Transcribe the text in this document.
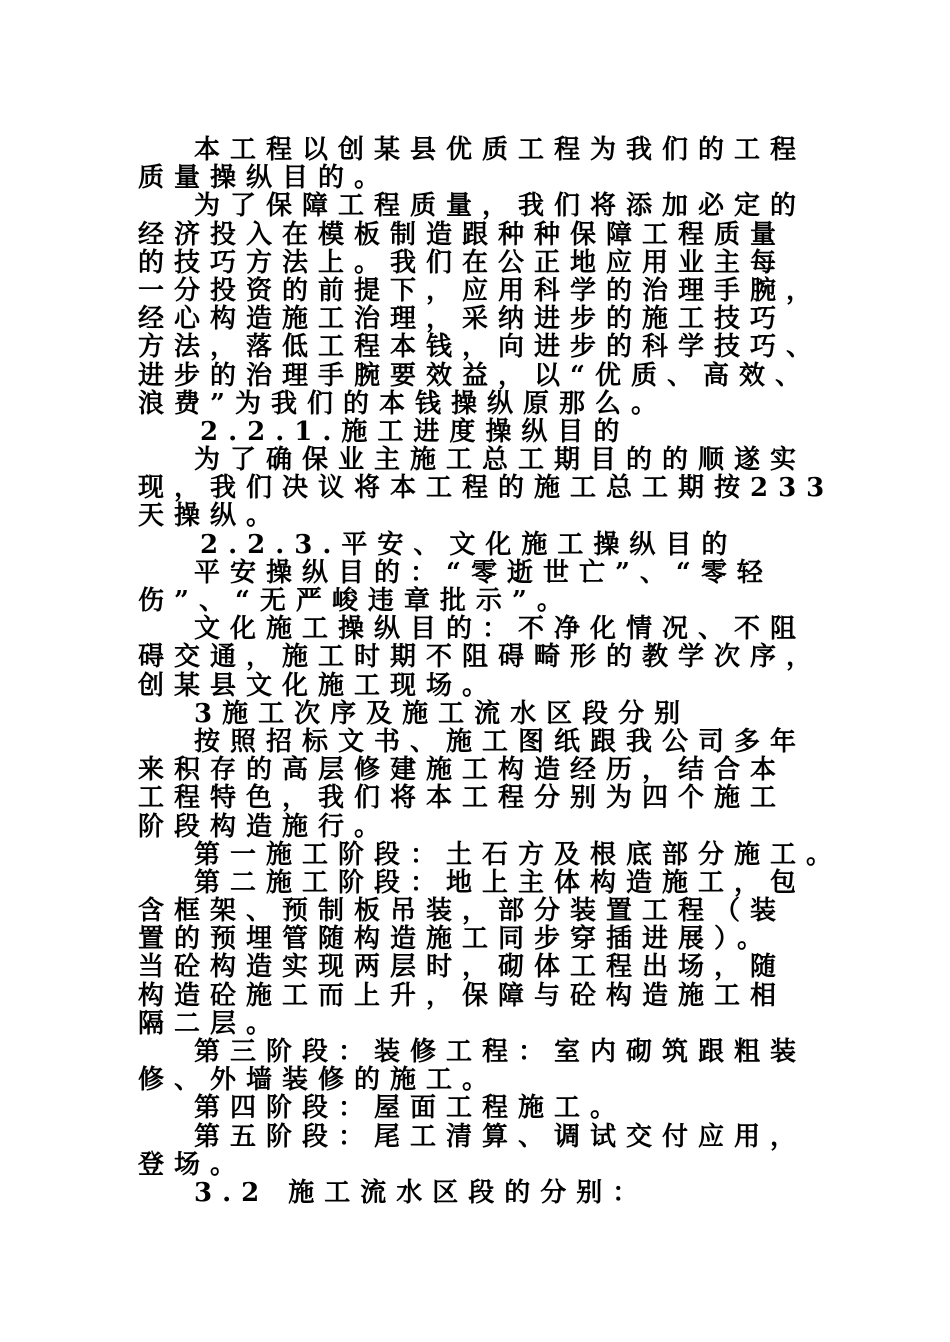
本工程以创某县优质工程为我们的工程
质量操纵目的。
为了保障工程质量，我们将添加必定的
经济投入在模板制造跟种种保障工程质量
的技巧方法上。我们在公正地应用业主每
一分投资的前提下，应用科学的治理手腕，
经心构造施工治理，采纳进步的施工技巧
方法，落低工程本钱，向进步的科学技巧、
进步的治理手腕要效益，以“优质、高效、
浪费”为我们的本钱操纵原那么。
2.2.1.施工进度操纵目的
为了确保业主施工总工期目的的顺遂实
现，我们决议将本工程的施工总工期按233
天操纵。
2.2.3.平安、文化施工操纵目的
平安操纵目的：“零逝世亡”、“零轻
伤”、“无严峻违章批示”。
文化施工操纵目的：不净化情况、不阻
碍交通，施工时期不阻碍畸形的教学次序，
创某县文化施工现场。
3施工次序及施工流水区段分别
按照招标文书、施工图纸跟我公司多年
来积存的高层修建施工构造经历，结合本
工程特色，我们将本工程分别为四个施工
阶段构造施行。
第一施工阶段：土石方及根底部分施工。
第二施工阶段：地上主体构造施工，包
含框架、预制板吊装，部分装置工程（装
置的预埋管随构造施工同步穿插进展）。
当砼构造实现两层时，砌体工程出场，随
构造砼施工而上升，保障与砼构造施工相
隔二层。
第三阶段：装修工程：室内砌筑跟粗装
修、外墙装修的施工。
第四阶段：屋面工程施工。
第五阶段：尾工清算、调试交付应用，
登场。
3.2 施工流水区段的分别：
